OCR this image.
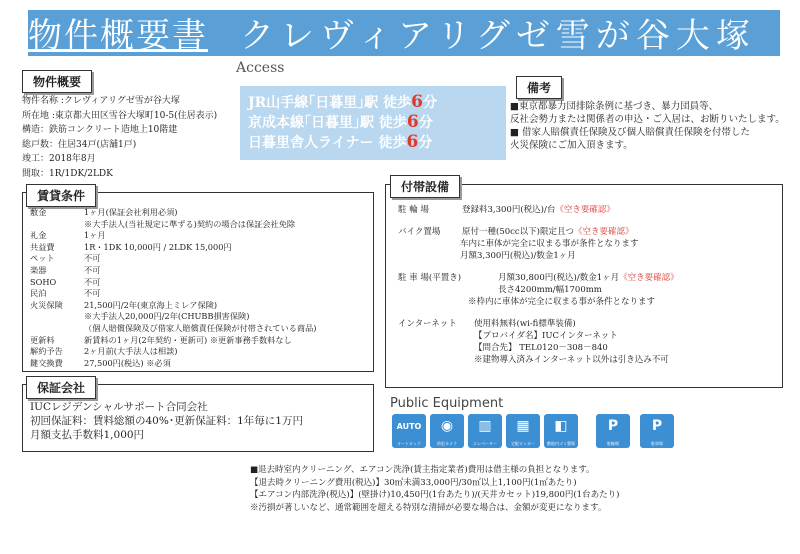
物件概要書 クレヴィアリグゼ雪が谷大塚
物件概要
物件名称 :クレヴィアリグゼ雪が谷大塚
所在地 :東京都大田区雪谷大塚町10-5(住居表示)
構造：鉄筋コンクリート造地上10階建
総戸数：住居34戸(店舗1戸)
竣工：2018年8月
間取：1R/1DK/2LDK
Access
JR山手線｢日暮里｣駅 徒歩6分
京成本線｢日暮里｣駅 徒歩6分
日暮里舎人ライナー 徒歩6分
備考
■東京都暴力団排除条例に基づき、暴力団員等、
反社会勢力または関係者の申込・ご入居は、お断りいたします。
■ 借家人賠償責任保険及び個人賠償責任保険を付帯した
火災保険にご加入頂きます。
賃貸条件
敷金	1ヶ月(保証会社利用必須)
※大手法人(当社規定に準ずる)契約の場合は保証会社免除
礼金	1ヶ月
共益費	1R・1DK 10,000円 / 2LDK 15,000円
ペット	不可
楽器	不可
SOHO	不可
民泊	不可
火災保険	21,500円/2年(東京海上ミレア保険)
※大手法人20,000円/2年(CHUBB損害保険)
（個人賠償保険及び借家人賠償責任保険が付帯されている商品)
更新料	新賃料の1ヶ月(2年契約・更新可) ※更新事務手数料なし
解約予告	2ヶ月前(大手法人は相談)
鍵交換費	27,500円(税込) ※必須
保証会社
IUCレジデンシャルサポート合同会社
初回保証料：賃料総額の40%･更新保証料：1年毎に1万円
月額支払手数料1,000円
付帯設備
駐 輪 場	登録料3,300円(税込)/台 《空き要確認》
バイク置場	原付一種(50cc以下)限定且つ 《空き要確認》
车内に車体が完全に収まる事が条件となります
月額3,300円(税込)/数金1ヶ月
駐 車 場(平置き)	月額30,800円(税込)/数金1ヶ月 《空き要確認》
長さ4200mm/幅1700mm
※枠内に車体が完全に収まる事が条件となります
インターネット	使用料無料(wi-fi標準装備)
【プロバイダ名】IUCインターネット
【問合先】 TEL0120－308－840
※建物導入済みインターネット以外は引き込み不可
Public Equipment
AUTO
オートロック
◉
防犯カメラ
▥
エレベーター
▦
宅配ロッカー
◧
敷地内ゴミ置場
P
駐輪場
P
駐車場
■退去時室内クリーニング、エアコン洗浄(賃主指定業者)費用は借主様の負担となります。
【退去時クリーニング費用(税込)】30㎡未満33,000円/30㎡以上1,100円(1㎡あたり)
【エアコン内部洗浄(税込)】(壁掛け)10,450円(1台あたり)/(天井カセット)19,800円(1台あたり)
※汚損が著しいなど、通常範囲を超える特別な清掃が必要な場合は、金額が変更になります。
